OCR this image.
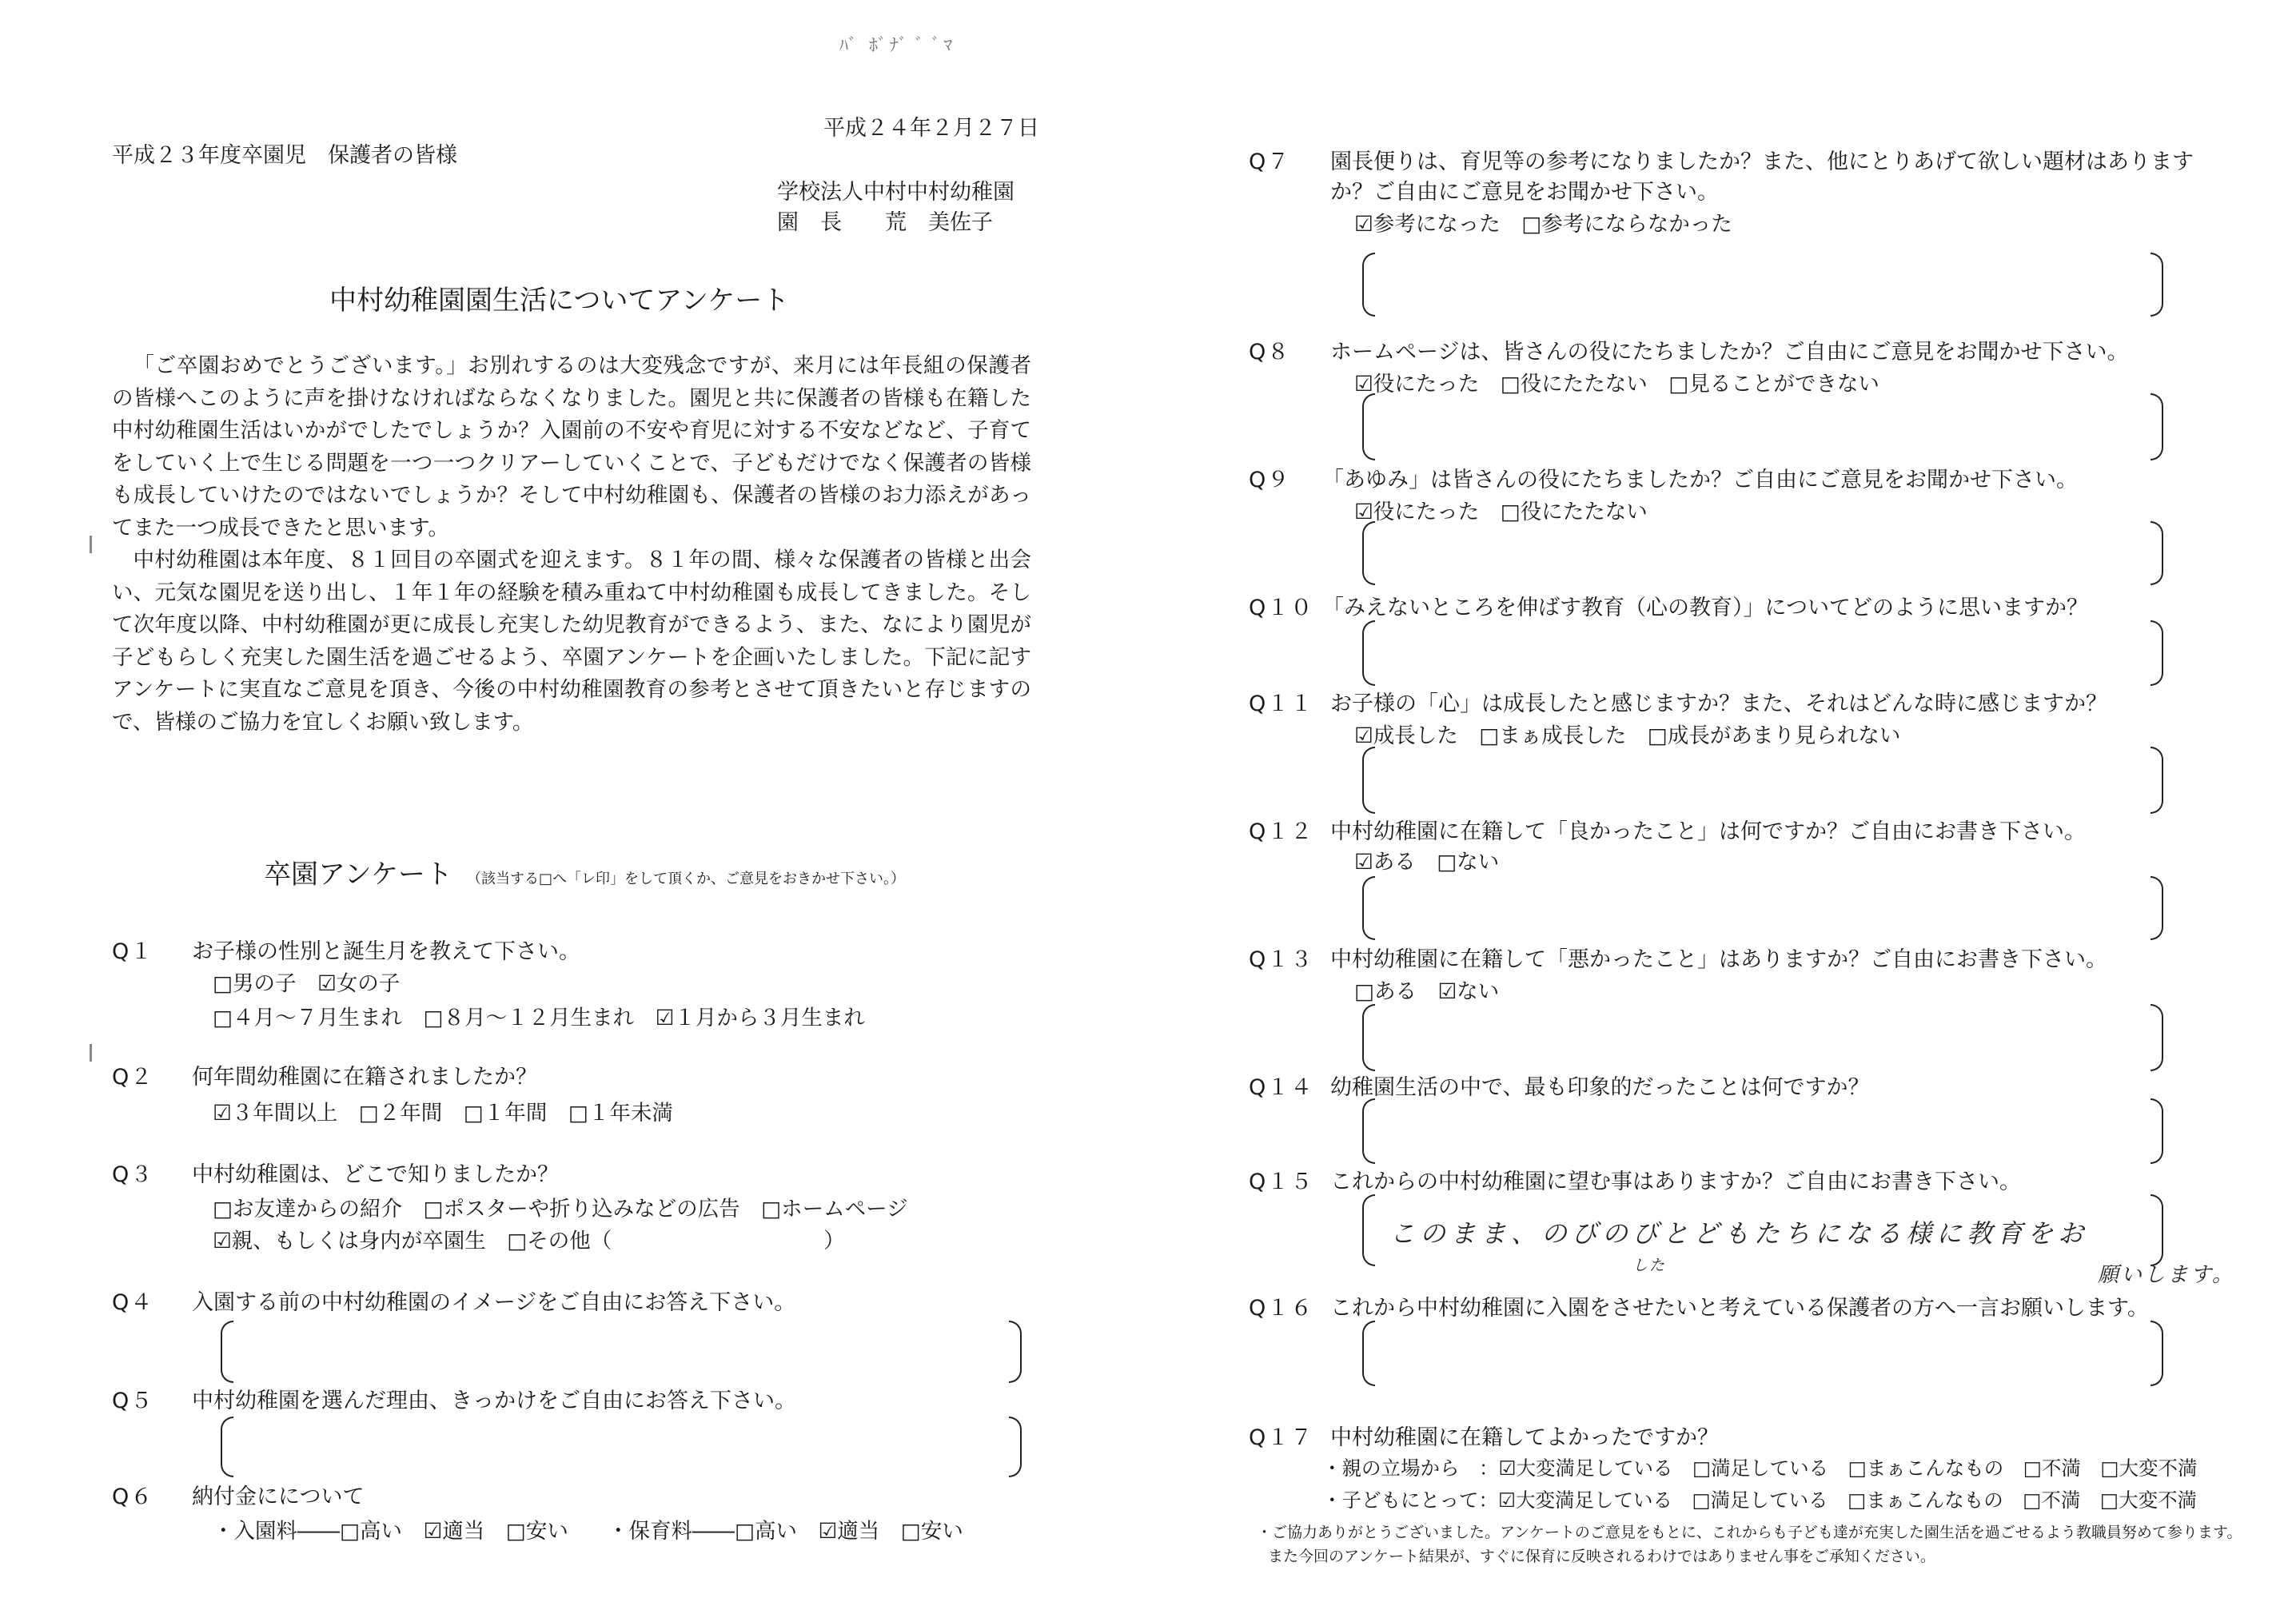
ﾊﾞ ﾎﾞﾅﾞ ﾞ ﾞﾏ
平成２４年２月２７日
平成２３年度卒園児　保護者の皆様
学校法人中村中村幼稚園
園　長　　荒　美佐子
中村幼稚園園生活についてアンケート

「ご卒園おめでとうございます。」お別れするのは大変残念ですが、来月には年長組の保護者の皆様へこのように声を掛けなければならなくなりました。園児と共に保護者の皆様も在籍した中村幼稚園生活はいかがでしたでしょうか？入園前の不安や育児に対する不安などなど、子育てをしていく上で生じる問題を一つ一つクリアーしていくことで、子どもだけでなく保護者の皆様も成長していけたのではないでしょうか？そして中村幼稚園も、保護者の皆様のお力添えがあってまた一つ成長できたと思います。

中村幼稚園は本年度、８１回目の卒園式を迎えます。８１年の間、様々な保護者の皆様と出会い、元気な園児を送り出し、１年１年の経験を積み重ねて中村幼稚園も成長してきました。そして次年度以降、中村幼稚園が更に成長し充実した幼児教育ができるよう、また、なにより園児が子どもらしく充実した園生活を過ごせるよう、卒園アンケートを企画いたしました。下記に記すアンケートに実直なご意見を頂き、今後の中村幼稚園教育の参考とさせて頂きたいと存じますので、皆様のご協力を宜しくお願い致します。

卒園アンケート （該当する□へ「レ印」をして頂くか、ご意見をおきかせ下さい。）
Q１ お子様の性別と誕生月を教えて下さい。
□男の子　☑女の子
□４月～７月生まれ　□８月～１２月生まれ　☑１月から３月生まれ
Q２ 何年間幼稚園に在籍されましたか？
☑３年間以上　□２年間　□１年間　□１年未満
Q３ 中村幼稚園は、どこで知りましたか？
□お友達からの紹介　□ポスターや折り込みなどの広告　□ホームページ
☑親、もしくは身内が卒園生　□その他（　　　　　　　　　　）
Q４ 入園する前の中村幼稚園のイメージをご自由にお答え下さい。
Q５ 中村幼稚園を選んだ理由、きっかけをご自由にお答え下さい。
Q６ 納付金にについて
・入園料――□高い　☑適当　□安い ・保育料――□高い　☑適当　□安い
Q７ 園長便りは、育児等の参考になりましたか？また、他にとりあげて欲しい題材はあります
か？ご自由にご意見をお聞かせ下さい。
☑参考になった　□参考にならなかった
Q８ ホームページは、皆さんの役にたちましたか？ご自由にご意見をお聞かせ下さい。
☑役にたった　□役にたたない　□見ることができない
Q９ 「あゆみ」は皆さんの役にたちましたか？ご自由にご意見をお聞かせ下さい。
☑役にたった　□役にたたない
Q１０ 「みえないところを伸ばす教育（心の教育）」についてどのように思いますか？
Q１１ お子様の「心」は成長したと感じますか？また、それはどんな時に感じますか？
☑成長した　□まぁ成長した　□成長があまり見られない
Q１２ 中村幼稚園に在籍して「良かったこと」は何ですか？ご自由にお書き下さい。
☑ある　□ない
Q１３ 中村幼稚園に在籍して「悪かったこと」はありますか？ご自由にお書き下さい。
□ある　☑ない
Q１４ 幼稚園生活の中で、最も印象的だったことは何ですか？
Q１５ これからの中村幼稚園に望む事はありますか？ご自由にお書き下さい。
このまま、のびのびとどもたちになる様に教育をお
した	願いします。
Q１６ これから中村幼稚園に入園をさせたいと考えている保護者の方へ一言お願いします。
Q１７ 中村幼稚園に在籍してよかったですか？
・親の立場から　：☑大変満足している　□満足している　□まぁこんなもの　□不満　□大変不満
・子どもにとって：☑大変満足している　□満足している　□まぁこんなもの　□不満　□大変不満
・ご協力ありがとうございました。アンケートのご意見をもとに、これからも子ども達が充実した園生活を過ごせるよう教職員努めて参ります。
また今回のアンケート結果が、すぐに保育に反映されるわけではありません事をご承知ください。
